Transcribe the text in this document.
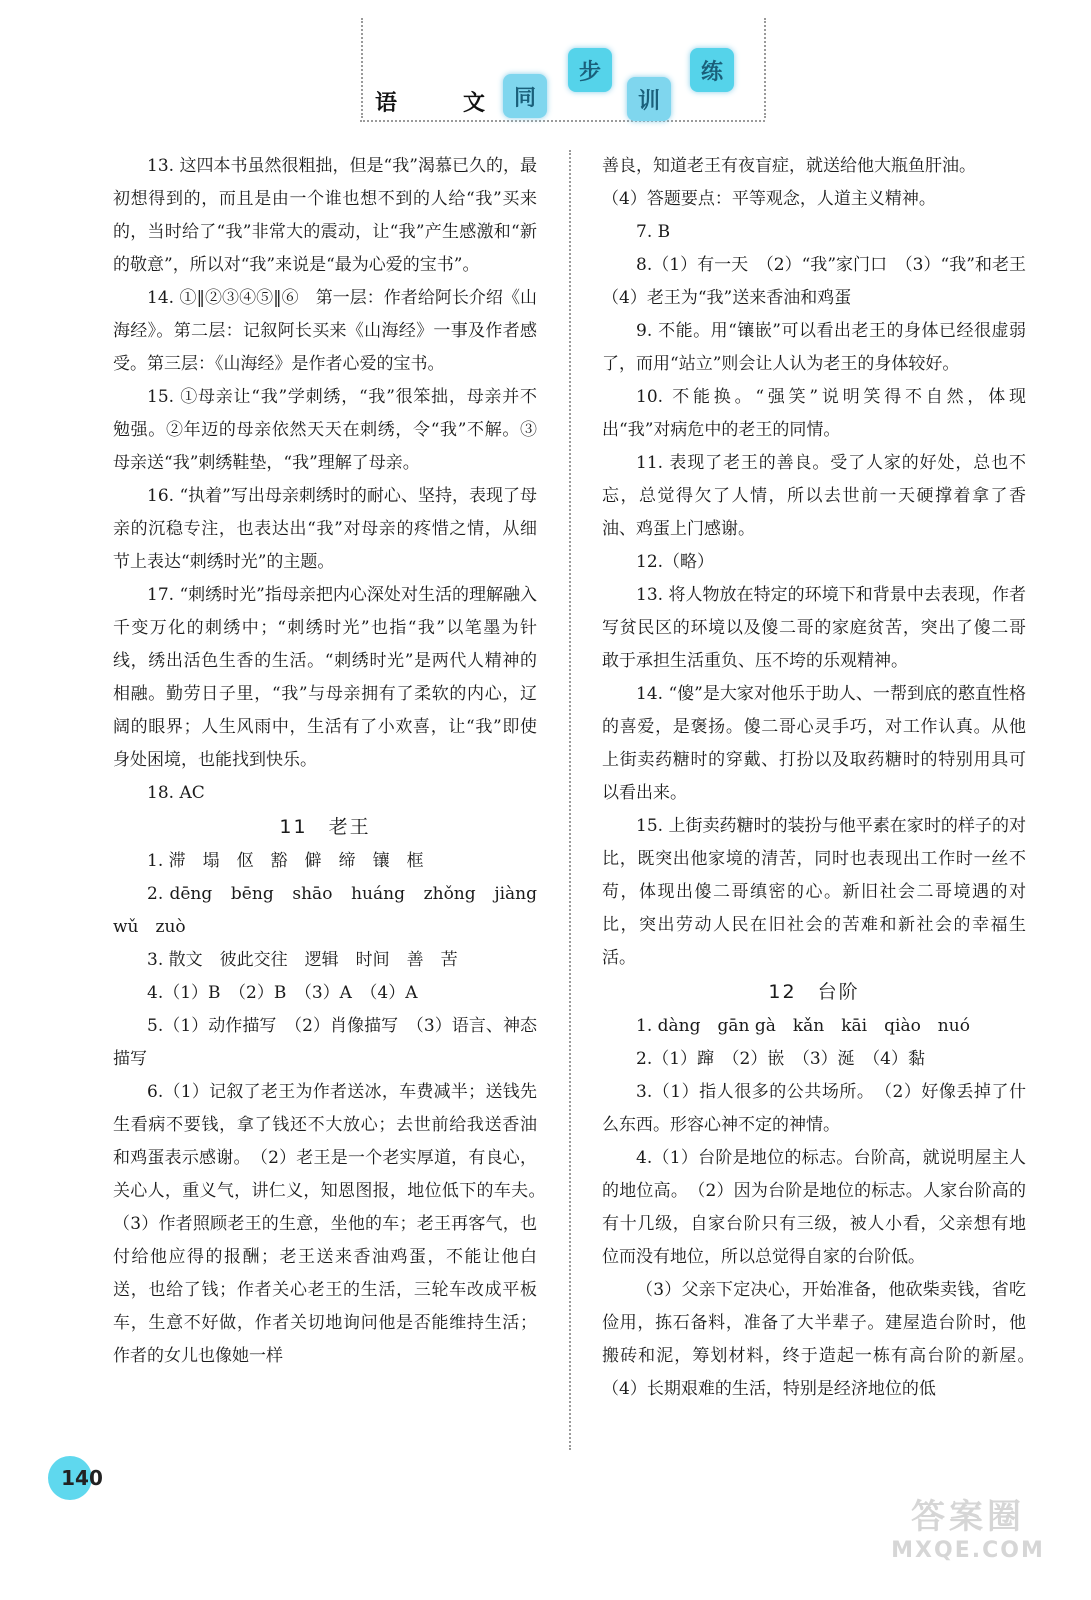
语	文	同
步
训
练

13. 这四本书虽然很粗拙，但是“我”渴慕已久的，最初想得到的，而且是由一个谁也想不到的人给“我”买来的，当时给了“我”非常大的震动，让“我”产生感激和“新的敬意”，所以对“我”来说是“最为心爱的宝书”。

14. ①‖②③④⑤‖⑥　第一层：作者给阿长介绍《山海经》。第二层：记叙阿长买来《山海经》一事及作者感受。第三层：《山海经》是作者心爱的宝书。

15. ①母亲让“我”学刺绣，“我”很笨拙，母亲并不勉强。②年迈的母亲依然天天在刺绣，令“我”不解。③母亲送“我”刺绣鞋垫，“我”理解了母亲。

16. “执着”写出母亲刺绣时的耐心、坚持，表现了母亲的沉稳专注，也表达出“我”对母亲的疼惜之情，从细节上表达“刺绣时光”的主题。

17. “刺绣时光”指母亲把内心深处对生活的理解融入千变万化的刺绣中；“刺绣时光”也指“我”以笔墨为针线，绣出活色生香的生活。“刺绣时光”是两代人精神的相融。勤劳日子里，“我”与母亲拥有了柔软的内心，辽阔的眼界；人生风雨中，生活有了小欢喜，让“我”即使身处困境，也能找到快乐。

18. AC

11　老王

1. 滞　塌　伛　豁　僻　缔　镶　框

2. dēng　bēng　shāo　huáng　zhǒng　jiàng　wǔ　zuò

3. 散文　彼此交往　逻辑　时间　善　苦

4.（1）B　（2）B　（3）A　（4）A

5.（1）动作描写　（2）肖像描写　（3）语言、神态描写

6.（1）记叙了老王为作者送冰，车费减半；送钱先生看病不要钱，拿了钱还不大放心；去世前给我送香油和鸡蛋表示感谢。　（2）老王是一个老实厚道，有良心，关心人，重义气，讲仁义，知恩图报，地位低下的车夫。　（3）作者照顾老王的生意，坐他的车；老王再客气，也付给他应得的报酬；老王送来香油鸡蛋，不能让他白送，也给了钱；作者关心老王的生活，三轮车改成平板车，生意不好做，作者关切地询问他是否能维持生活；作者的女儿也像她一样

善良，知道老王有夜盲症，就送给他大瓶鱼肝油。

（4）答题要点：平等观念，人道主义精神。

7. B

8.（1）有一天　（2）“我”家门口　（3）“我”和老王　（4）老王为“我”送来香油和鸡蛋

9. 不能。用“镶嵌”可以看出老王的身体已经很虚弱了，而用“站立”则会让人认为老王的身体较好。

10. 不能换。“强笑”说明笑得不自然，体现出“我”对病危中的老王的同情。

11. 表现了老王的善良。受了人家的好处，总也不忘，总觉得欠了人情，所以去世前一天硬撑着拿了香油、鸡蛋上门感谢。

12.（略）

13. 将人物放在特定的环境下和背景中去表现，作者写贫民区的环境以及傻二哥的家庭贫苦，突出了傻二哥敢于承担生活重负、压不垮的乐观精神。

14. “傻”是大家对他乐于助人、一帮到底的憨直性格的喜爱，是褒扬。傻二哥心灵手巧，对工作认真。从他上街卖药糖时的穿戴、打扮以及取药糖时的特别用具可以看出来。

15. 上街卖药糖时的装扮与他平素在家时的样子的对比，既突出他家境的清苦，同时也表现出工作时一丝不苟，体现出傻二哥缜密的心。新旧社会二哥境遇的对比，突出劳动人民在旧社会的苦难和新社会的幸福生活。

12　台阶

1. dàng　gān gà　kǎn　kāi　qiào　nuó

2.（1）蹿　（2）嵌　（3）涎　（4）黏

3.（1）指人很多的公共场所。　（2）好像丢掉了什么东西。形容心神不定的神情。

4.（1）台阶是地位的标志。台阶高，就说明屋主人的地位高。　（2）因为台阶是地位的标志。人家台阶高的有十几级，自家台阶只有三级，被人小看，父亲想有地位而没有地位，所以总觉得自家的台阶低。

（3）父亲下定决心，开始准备，他砍柴卖钱，省吃俭用，拣石备料，准备了大半辈子。建屋造台阶时，他搬砖和泥，筹划材料，终于造起一栋有高台阶的新屋。　（4）长期艰难的生活，特别是经济地位的低

140
答案圈
MXQE.COM
